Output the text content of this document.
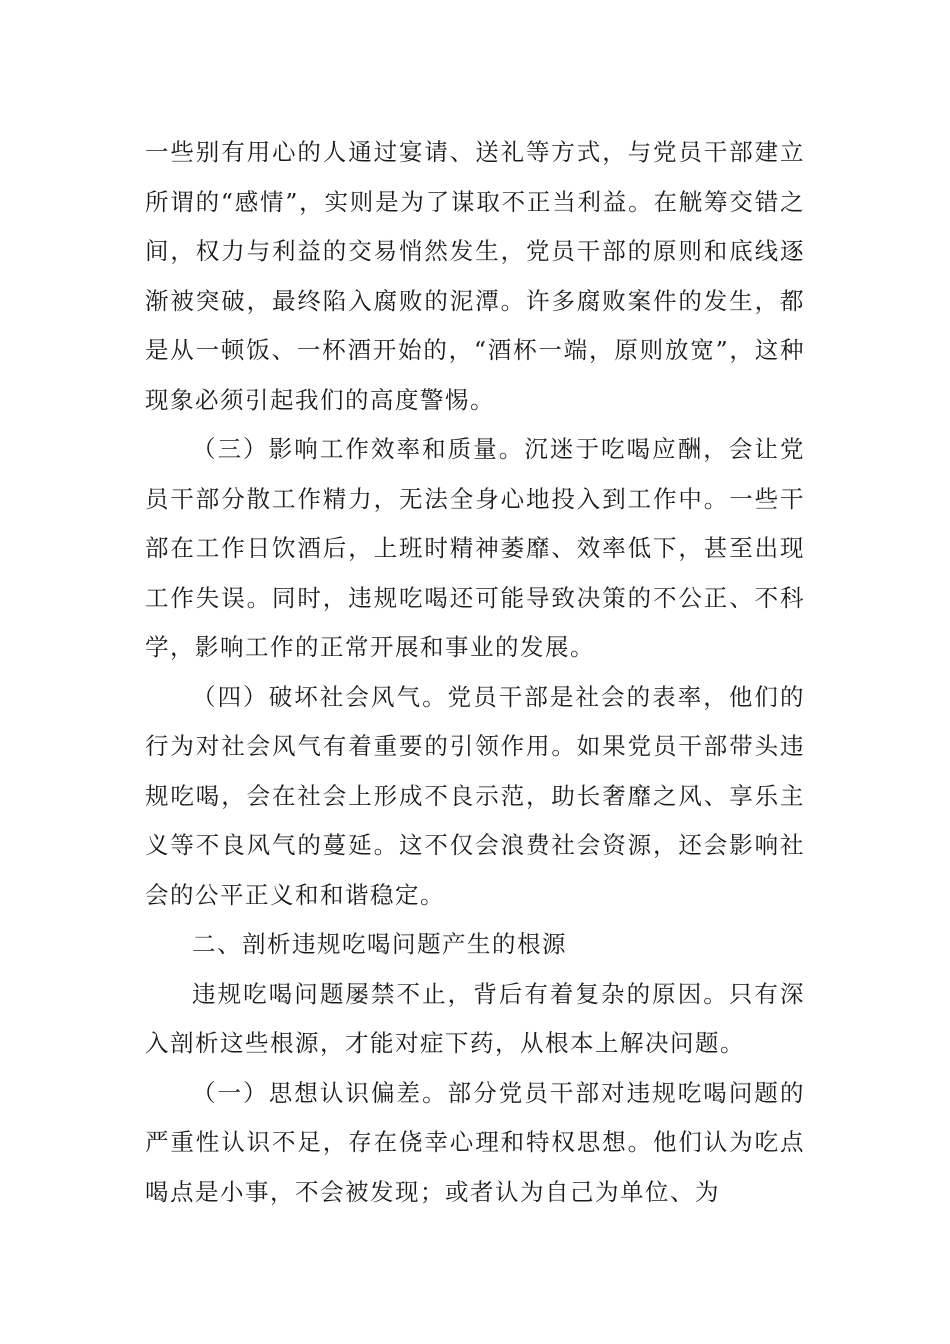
一些别有用心的人通过宴请、送礼等方式，与党员干部建立所谓的“感情”，实则是为了谋取不正当利益。在觥筹交错之间，权力与利益的交易悄然发生，党员干部的原则和底线逐渐被突破，最终陷入腐败的泥潭。许多腐败案件的发生，都是从一顿饭、一杯酒开始的，“酒杯一端，原则放宽”，这种现象必须引起我们的高度警惕。

（三）影响工作效率和质量。沉迷于吃喝应酬，会让党员干部分散工作精力，无法全身心地投入到工作中。一些干部在工作日饮酒后，上班时精神萎靡、效率低下，甚至出现工作失误。同时，违规吃喝还可能导致决策的不公正、不科学，影响工作的正常开展和事业的发展。

（四）破坏社会风气。党员干部是社会的表率，他们的行为对社会风气有着重要的引领作用。如果党员干部带头违规吃喝，会在社会上形成不良示范，助长奢靡之风、享乐主义等不良风气的蔓延。这不仅会浪费社会资源，还会影响社会的公平正义和和谐稳定。

二、剖析违规吃喝问题产生的根源

违规吃喝问题屡禁不止，背后有着复杂的原因。只有深入剖析这些根源，才能对症下药，从根本上解决问题。

（一）思想认识偏差。部分党员干部对违规吃喝问题的严重性认识不足，存在侥幸心理和特权思想。他们认为吃点喝点是小事，不会被发现；或者认为自己为单位、为
